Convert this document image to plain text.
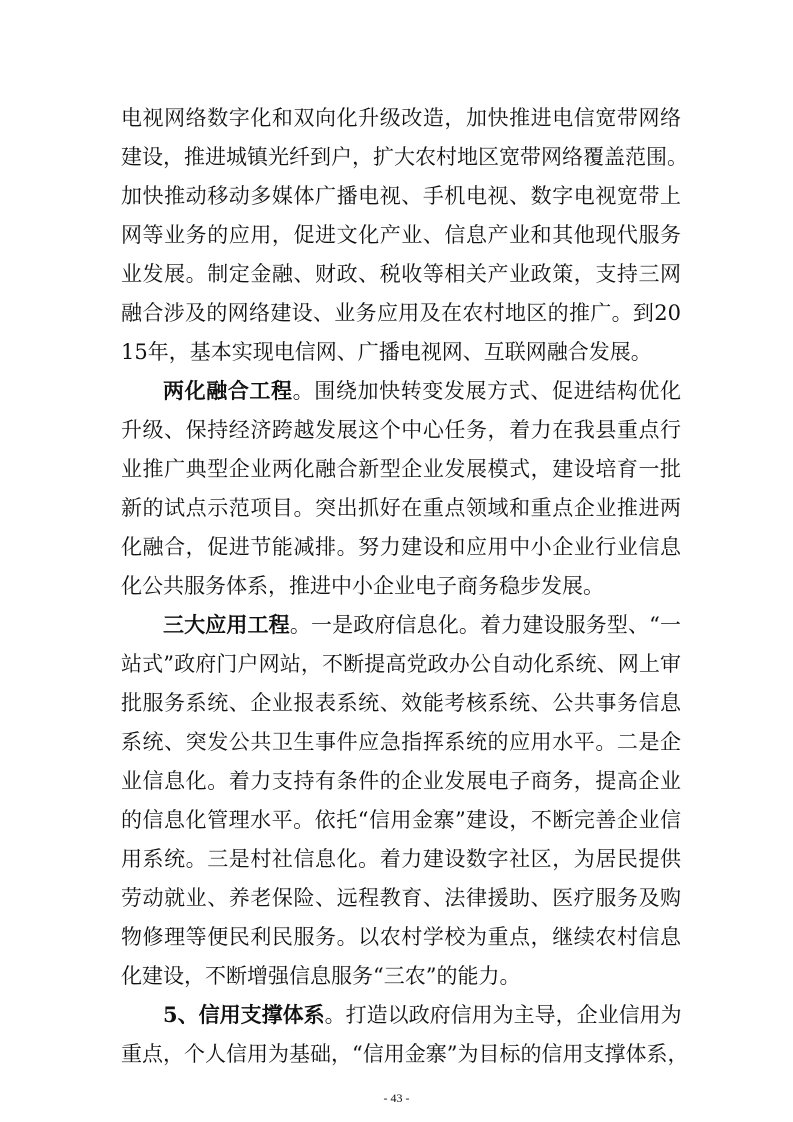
电视网络数字化和双向化升级改造，加快推进电信宽带网络
建设，推进城镇光纤到户，扩大农村地区宽带网络覆盖范围。
加快推动移动多媒体广播电视、手机电视、数字电视宽带上
网等业务的应用，促进文化产业、信息产业和其他现代服务
业发展。制定金融、财政、税收等相关产业政策，支持三网
融合涉及的网络建设、业务应用及在农村地区的推广。到20
15年，基本实现电信网、广播电视网、互联网融合发展。
两化融合工程。围绕加快转变发展方式、促进结构优化
升级、保持经济跨越发展这个中心任务，着力在我县重点行
业推广典型企业两化融合新型企业发展模式，建设培育一批
新的试点示范项目。突出抓好在重点领域和重点企业推进两
化融合，促进节能减排。努力建设和应用中小企业行业信息
化公共服务体系，推进中小企业电子商务稳步发展。
三大应用工程。一是政府信息化。着力建设服务型、“一
站式”政府门户网站，不断提高党政办公自动化系统、网上审
批服务系统、企业报表系统、效能考核系统、公共事务信息
系统、突发公共卫生事件应急指挥系统的应用水平。二是企
业信息化。着力支持有条件的企业发展电子商务，提高企业
的信息化管理水平。依托“信用金寨”建设，不断完善企业信
用系统。三是村社信息化。着力建设数字社区，为居民提供
劳动就业、养老保险、远程教育、法律援助、医疗服务及购
物修理等便民利民服务。以农村学校为重点，继续农村信息
化建设，不断增强信息服务“三农”的能力。
5、信用支撑体系。打造以政府信用为主导，企业信用为
重点，个人信用为基础，“信用金寨”为目标的信用支撑体系，
- 43 -
